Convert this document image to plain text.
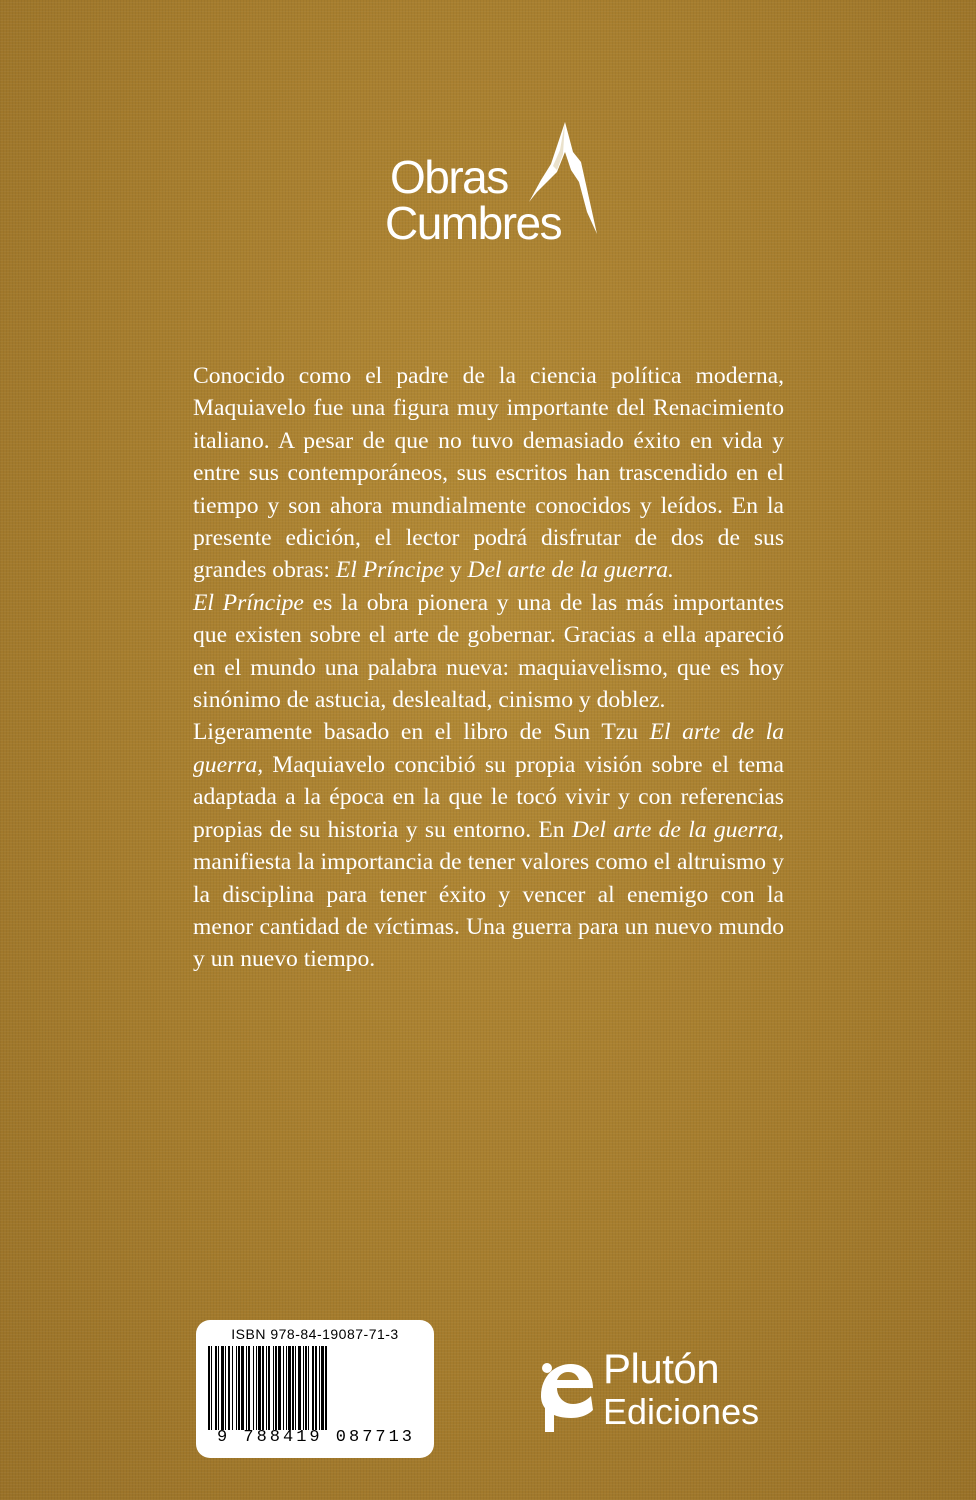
Obras
Cumbres

Conocido como el padre de la ciencia política moderna, Maquiavelo fue una figura muy importante del Renacimiento italiano. A pesar de que no tuvo demasiado éxito en vida y entre sus contemporáneos, sus escritos han trascendido en el tiempo y son ahora mundialmente conocidos y leídos. En la presente edición, el lector podrá disfrutar de dos de sus grandes obras: El Príncipe y Del arte de la guerra.

El Príncipe es la obra pionera y una de las más importantes que existen sobre el arte de gobernar. Gracias a ella apareció en el mundo una palabra nueva: maquiavelismo, que es hoy sinónimo de astucia, deslealtad, cinismo y doblez.

Ligeramente basado en el libro de Sun Tzu El arte de la guerra, Maquiavelo concibió su propia visión sobre el tema adaptada a la época en la que le tocó vivir y con referencias propias de su historia y su entorno. En Del arte de la guerra, manifiesta la importancia de tener valores como el altruismo y la disciplina para tener éxito y vencer al enemigo con la menor cantidad de víctimas. Una guerra para un nuevo mundo y un nuevo tiempo.

ISBN 978-84-19087-71-3
9 788419 087713
Plutón
Ediciones
